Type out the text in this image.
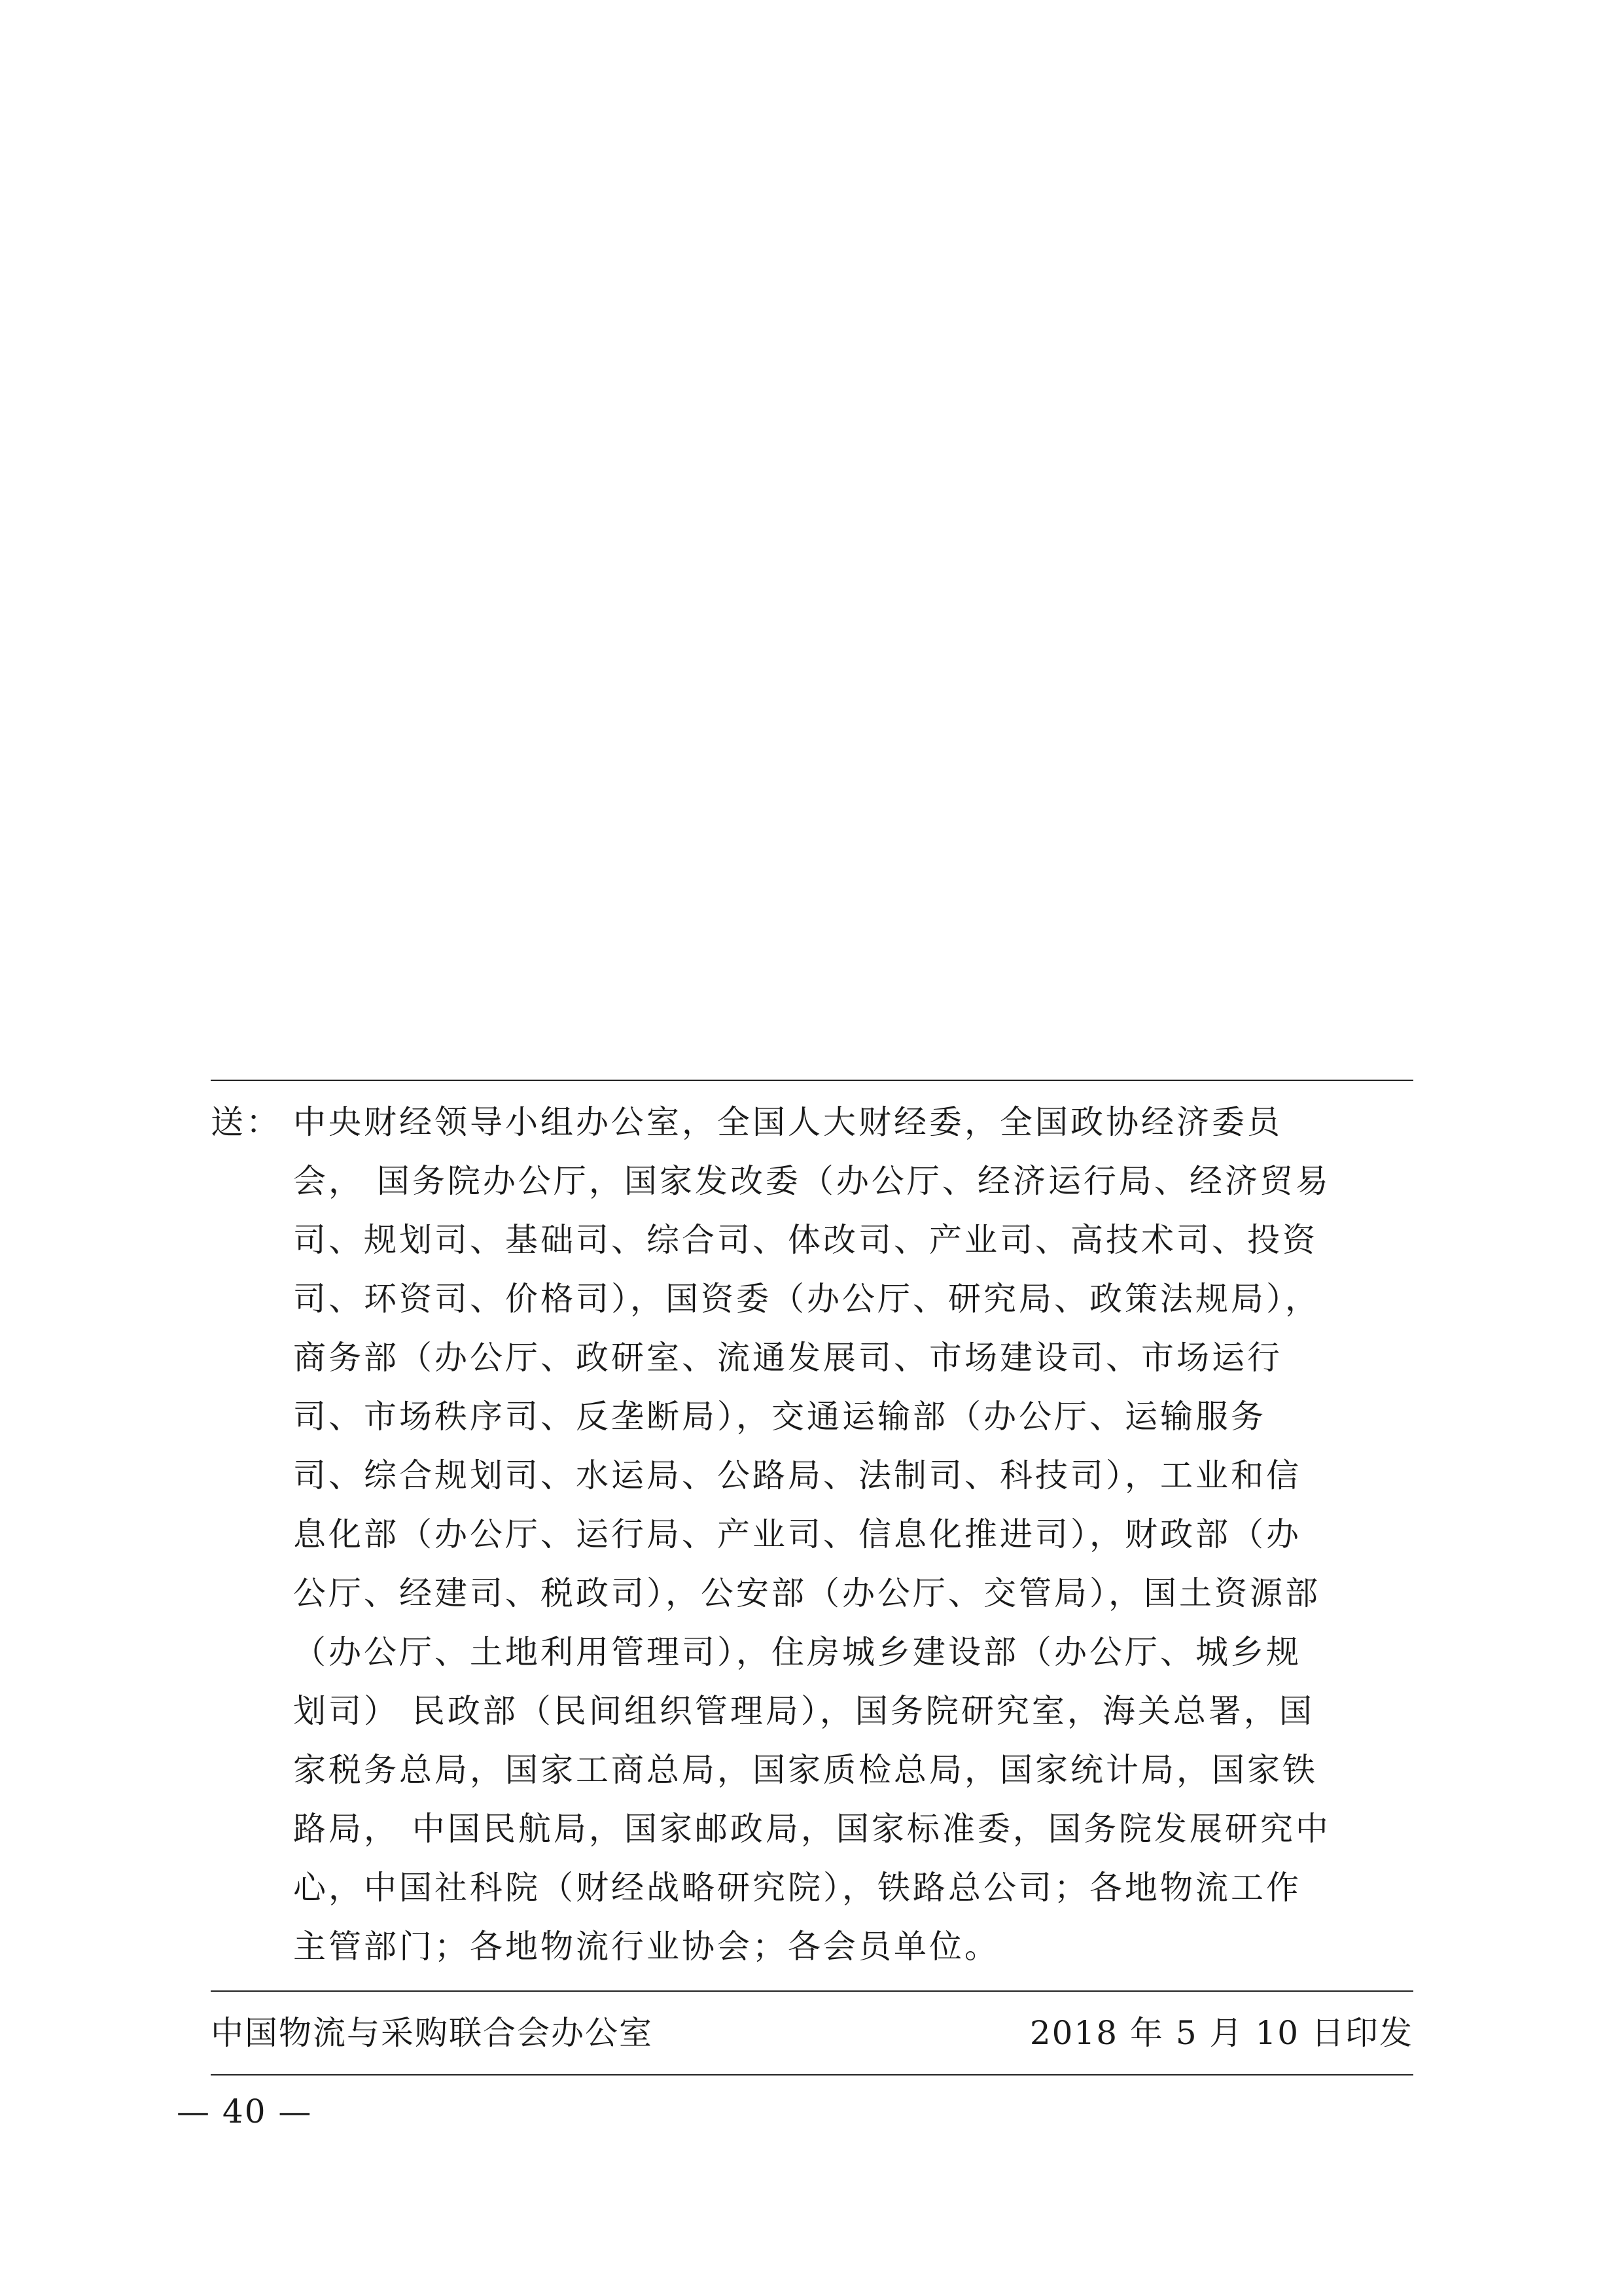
送： 中央财经领导小组办公室，全国人大财经委，全国政协经济委员
会， 国务院办公厅，国家发改委（办公厅、经济运行局、经济贸易
司、规划司、基础司、综合司、体改司、产业司、高技术司、投资
司、环资司、价格司），国资委（办公厅、研究局、政策法规局），
商务部（办公厅、政研室、流通发展司、市场建设司、市场运行
司、市场秩序司、反垄断局），交通运输部（办公厅、运输服务
司、综合规划司、水运局、公路局、法制司、科技司），工业和信
息化部（办公厅、运行局、产业司、信息化推进司），财政部（办
公厅、经建司、税政司），公安部（办公厅、交管局），国土资源部
（办公厅、土地利用管理司），住房城乡建设部（办公厅、城乡规
划司） 民政部（民间组织管理局），国务院研究室，海关总署，国
家税务总局，国家工商总局，国家质检总局，国家统计局，国家铁
路局， 中国民航局，国家邮政局，国家标准委，国务院发展研究中
心，中国社科院（财经战略研究院），铁路总公司；各地物流工作
主管部门；各地物流行业协会；各会员单位。
中国物流与采购联合会办公室	2018 年 5 月 10 日印发
— 40 —
